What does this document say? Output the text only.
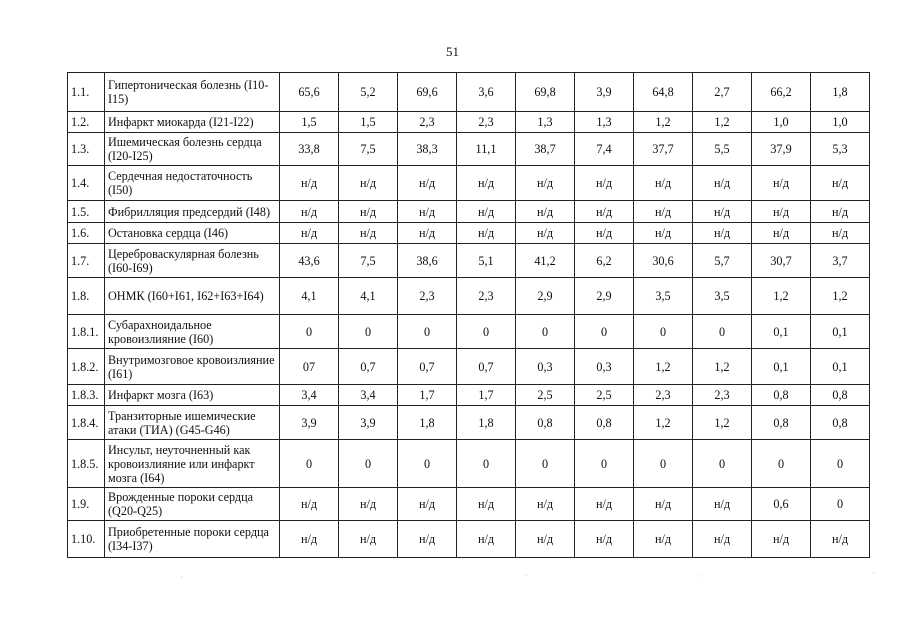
51
1.1.	Гипертоническая болезнь (I10-I15)	65,6	5,2	69,6	3,6	69,8	3,9	64,8	2,7	66,2	1,8
1.2.	Инфаркт миокарда (I21-I22)	1,5	1,5	2,3	2,3	1,3	1,3	1,2	1,2	1,0	1,0
1.3.	Ишемическая болезнь сердца (I20-I25)	33,8	7,5	38,3	11,1	38,7	7,4	37,7	5,5	37,9	5,3
1.4.	Сердечная недостаточность (I50)	н/д	н/д	н/д	н/д	н/д	н/д	н/д	н/д	н/д	н/д
1.5.	Фибрилляция предсердий (I48)	н/д	н/д	н/д	н/д	н/д	н/д	н/д	н/д	н/д	н/д
1.6.	Остановка сердца (I46)	н/д	н/д	н/д	н/д	н/д	н/д	н/д	н/д	н/д	н/д
1.7.	Цереброваскулярная болезнь (I60-I69)	43,6	7,5	38,6	5,1	41,2	6,2	30,6	5,7	30,7	3,7
1.8.	ОНМК (I60+I61, I62+I63+I64)	4,1	4,1	2,3	2,3	2,9	2,9	3,5	3,5	1,2	1,2
1.8.1.	Субарахноидальное кровоизлияние (I60)	0	0	0	0	0	0	0	0	0,1	0,1
1.8.2.	Внутримозговое кровоизлияние (I61)	07	0,7	0,7	0,7	0,3	0,3	1,2	1,2	0,1	0,1
1.8.3.	Инфаркт мозга (I63)	3,4	3,4	1,7	1,7	2,5	2,5	2,3	2,3	0,8	0,8
1.8.4.	Транзиторные ишемические атаки (ТИА) (G45-G46)	3,9	3,9	1,8	1,8	0,8	0,8	1,2	1,2	0,8	0,8
1.8.5.	Инсульт, неуточненный как кровоизлияние или инфаркт мозга (I64)	0	0	0	0	0	0	0	0	0	0
1.9.	Врожденные пороки сердца (Q20-Q25)	н/д	н/д	н/д	н/д	н/д	н/д	н/д	н/д	0,6	0
1.10.	Приобретенные пороки сердца (I34-I37)	н/д	н/д	н/д	н/д	н/д	н/д	н/д	н/д	н/д	н/д
·	·	·	·
